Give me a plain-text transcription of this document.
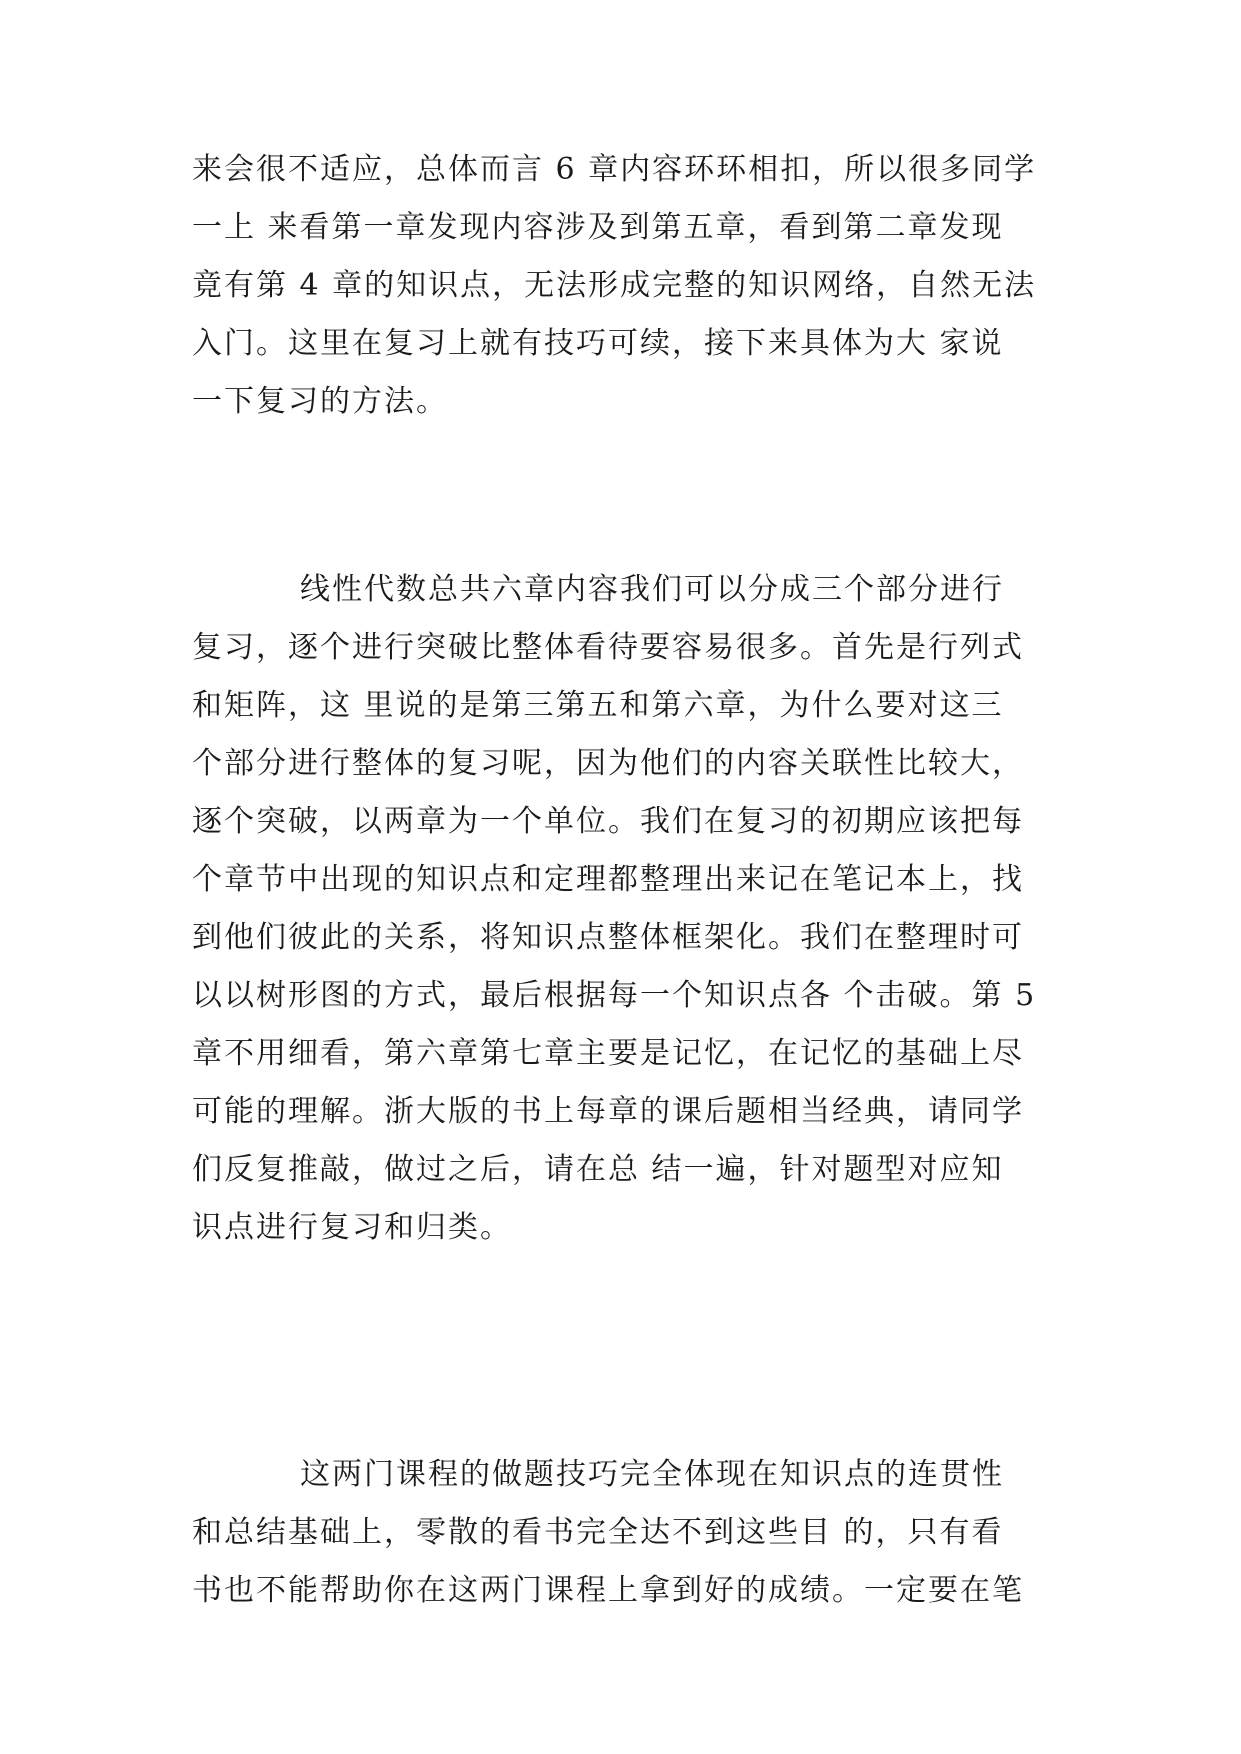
来会很不适应，总体而言 6 章内容环环相扣，所以很多同学
一上 来看第一章发现内容涉及到第五章，看到第二章发现
竟有第 4 章的知识点，无法形成完整的知识网络，自然无法
入门。这里在复习上就有技巧可续，接下来具体为大 家说
一下复习的方法。
线性代数总共六章内容我们可以分成三个部分进行
复习，逐个进行突破比整体看待要容易很多。首先是行列式
和矩阵，这 里说的是第三第五和第六章，为什么要对这三
个部分进行整体的复习呢，因为他们的内容关联性比较大，
逐个突破，以两章为一个单位。我们在复习的初期应该把每
个章节中出现的知识点和定理都整理出来记在笔记本上，找
到他们彼此的关系，将知识点整体框架化。我们在整理时可
以以树形图的方式，最后根据每一个知识点各 个击破。第 5
章不用细看，第六章第七章主要是记忆，在记忆的基础上尽
可能的理解。浙大版的书上每章的课后题相当经典，请同学
们反复推敲，做过之后，请在总 结一遍，针对题型对应知
识点进行复习和归类。
这两门课程的做题技巧完全体现在知识点的连贯性
和总结基础上，零散的看书完全达不到这些目 的，只有看
书也不能帮助你在这两门课程上拿到好的成绩。一定要在笔
